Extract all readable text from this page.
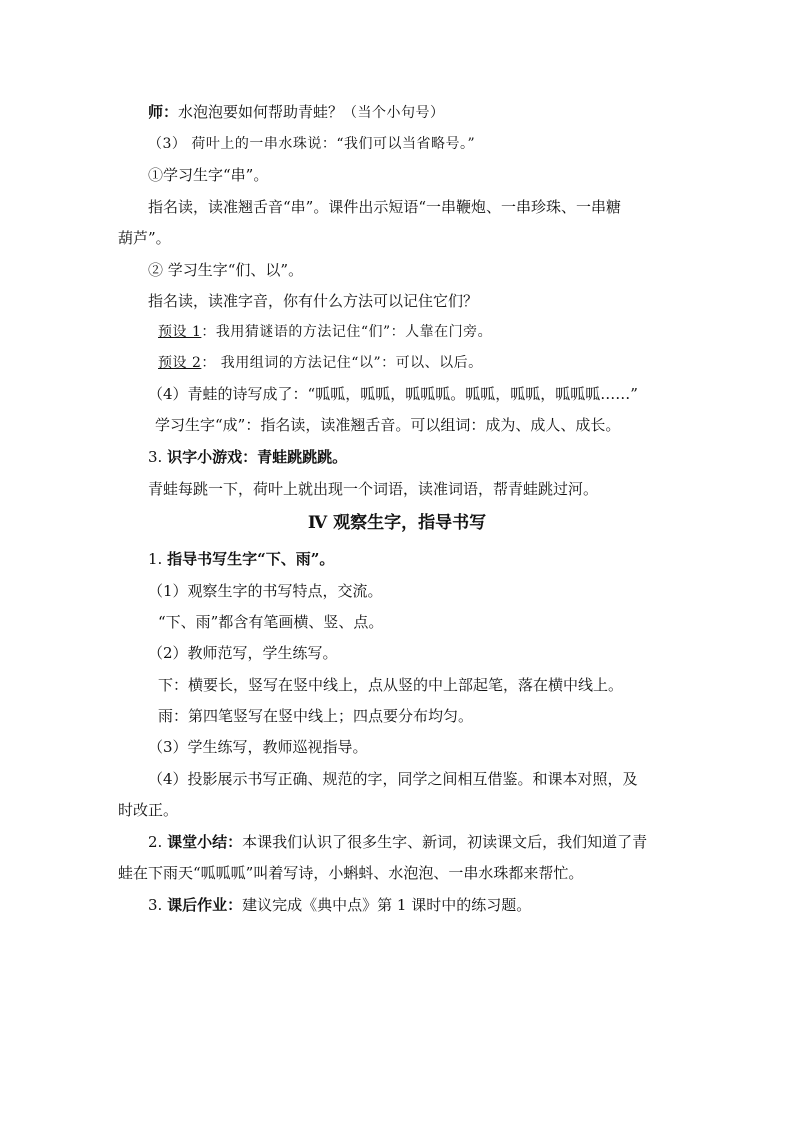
师：水泡泡要如何帮助青蛙？（当个小句号）
（3） 荷叶上的一串水珠说：“我们可以当省略号。”
①学习生字“串”。
指名读，读准翘舌音“串”。课件出示短语“一串鞭炮、一串珍珠、一串糖
葫芦”。
② 学习生字“们、以”。
指名读，读准字音，你有什么方法可以记住它们？
预设 1：我用猜谜语的方法记住“们”：人靠在门旁。
预设 2： 我用组词的方法记住“以”：可以、以后。
（4）青蛙的诗写成了：“呱呱，呱呱，呱呱呱。呱呱，呱呱，呱呱呱……”
学习生字“成”：指名读，读准翘舌音。可以组词：成为、成人、成长。
3. 识字小游戏：青蛙跳跳跳。
青蛙每跳一下，荷叶上就出现一个词语，读准词语，帮青蛙跳过河。
Ⅳ 观察生字，指导书写
1. 指导书写生字“下、雨”。
（1）观察生字的书写特点，交流。
“下、雨”都含有笔画横、竖、点。
（2）教师范写，学生练写。
下：横要长，竖写在竖中线上，点从竖的中上部起笔，落在横中线上。
雨：第四笔竖写在竖中线上；四点要分布均匀。
（3）学生练写，教师巡视指导。
（4）投影展示书写正确、规范的字，同学之间相互借鉴。和课本对照，及
时改正。
2. 课堂小结：本课我们认识了很多生字、新词，初读课文后，我们知道了青
蛙在下雨天“呱呱呱”叫着写诗，小蝌蚪、水泡泡、一串水珠都来帮忙。
3. 课后作业：建议完成《典中点》第 1 课时中的练习题。
